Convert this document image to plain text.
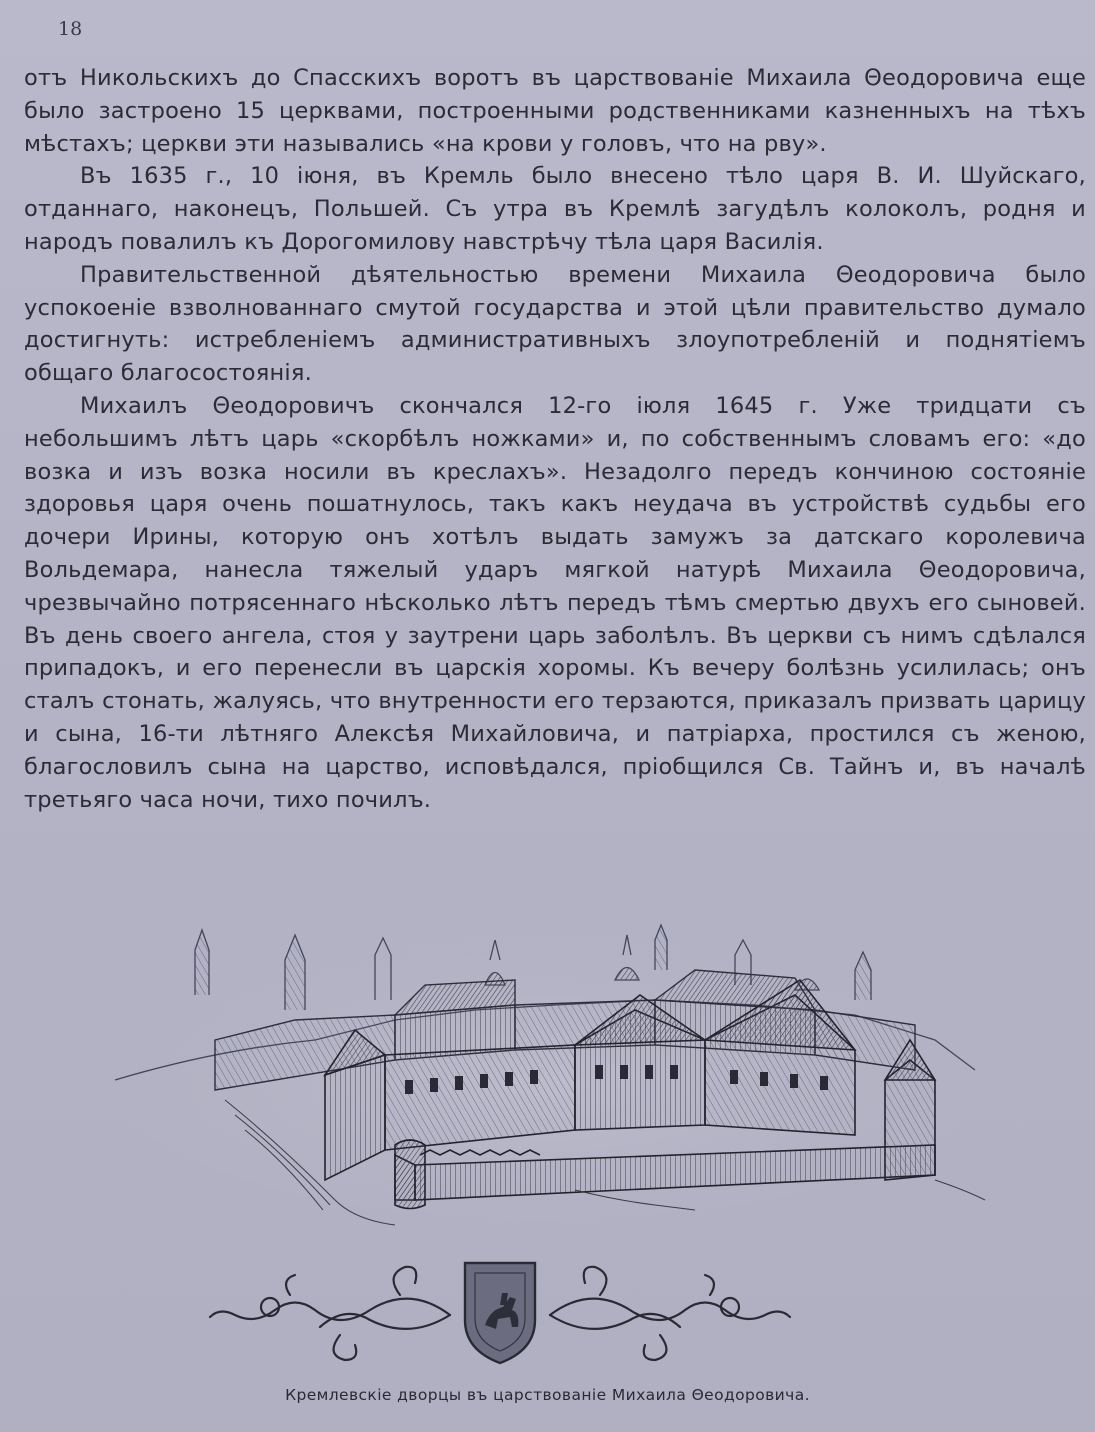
18

отъ Никольскихъ до Спасскихъ воротъ въ царствованіе Михаила Θеодоровича еще было застроено 15 церквами, построенными родственниками казненныхъ на тѣхъ мѣстахъ; церкви эти назывались «на крови у головъ, что на рву».

Въ 1635 г., 10 іюня, въ Кремль было внесено тѣло царя В. И. Шуйскаго, отданнаго, наконецъ, Польшей. Съ утра въ Кремлѣ загудѣлъ колоколъ, родня и народъ повалилъ къ Дорогомилову навстрѣчу тѣла царя Василія.

Правительственной дѣятельностью времени Михаила Θеодоровича было успокоеніе взволнованнаго смутой государства и этой цѣли правительство думало достигнуть: истребленіемъ административныхъ злоупотребленій и поднятіемъ общаго благосостоянія.

Михаилъ Θеодоровичъ скончался 12-го іюля 1645 г. Уже тридцати съ небольшимъ лѣтъ царь «скорбѣлъ ножками» и, по собственнымъ словамъ его: «до возка и изъ возка носили въ креслахъ». Незадолго передъ кончиною состояніе здоровья царя очень пошатнулось, такъ какъ неудача въ устройствѣ судьбы его дочери Ирины, которую онъ хотѣлъ выдать замужъ за датскаго королевича Вольдемара, нанесла тяжелый ударъ мягкой натурѣ Михаила Θеодоровича, чрезвычайно потрясеннаго нѣсколько лѣтъ передъ тѣмъ смертью двухъ его сыновей. Въ день своего ангела, стоя у заутрени царь заболѣлъ. Въ церкви съ нимъ сдѣлался припадокъ, и его перенесли въ царскія хоромы. Къ вечеру болѣзнь усилилась; онъ сталъ стонать, жалуясь, что внутренности его терзаются, приказалъ призвать царицу и сына, 16-ти лѣтняго Алексѣя Михайловича, и патріарха, простился съ женою, благословилъ сына на царство, исповѣдался, пріобщился Св. Тайнъ и, въ началѣ третьяго часа ночи, тихо почилъ.

Кремлевскіе дворцы въ царствованіе Михаила Θеодоровича.
